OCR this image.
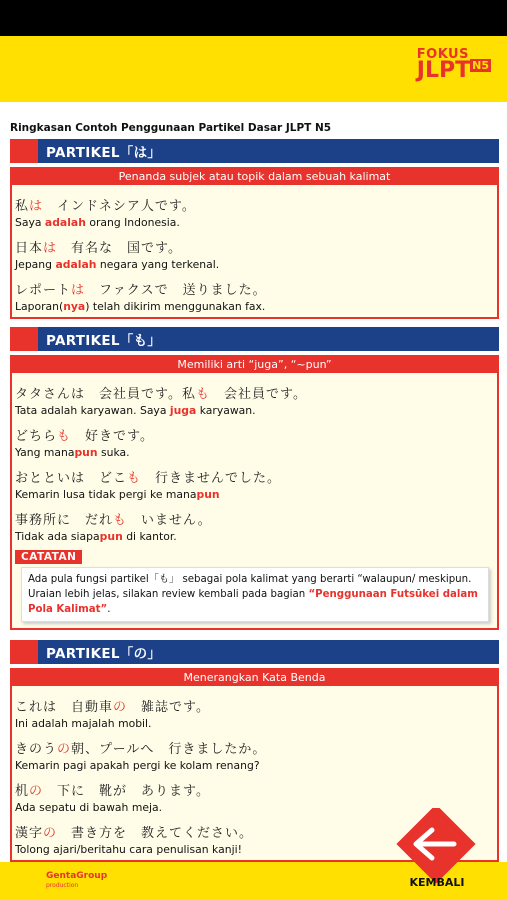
FOKUS
JLPT $^{N5}$
Ringkasan Contoh Penggunaan Partikel Dasar JLPT N5
PARTIKEL「は」
Penanda subjek atau topik dalam sebuah kalimat
私は　インドネシア人です。
Saya adalah orang Indonesia.
日本は　有名な　国です。
Jepang adalah negara yang terkenal.
レポートは　ファクスで　送りました。
Laporan(nya) telah dikirim menggunakan fax.
PARTIKEL「も」
Memiliki arti “juga”, “~pun”
タタさんは　会社員です。私も　会社員です。
Tata adalah karyawan. Saya juga karyawan.
どちらも　好きです。
Yang manapun suka.
おとといは　どこも　行きませんでした。
Kemarin lusa tidak pergi ke manapun
事務所に　だれも　いません。
Tidak ada siapapun di kantor.
CATATAN
Ada pula fungsi partikel「も」 sebagai pola kalimat yang berarti “walaupun/ meskipun. Uraian lebih jelas, silakan review kembali pada bagian “Penggunaan Futsūkei dalam Pola Kalimat”.
PARTIKEL「の」
Menerangkan Kata Benda
これは　自動車の　雑誌です。
Ini adalah majalah mobil.
きのうの朝、プールへ　行きましたか。
Kemarin pagi apakah pergi ke kolam renang?
机の　下に　靴が　あります。
Ada sepatu di bawah meja.
漢字の　書き方を　教えてください。
Tolong ajari/beritahu cara penulisan kanji!
GentaGroup
production	KEMBALI
